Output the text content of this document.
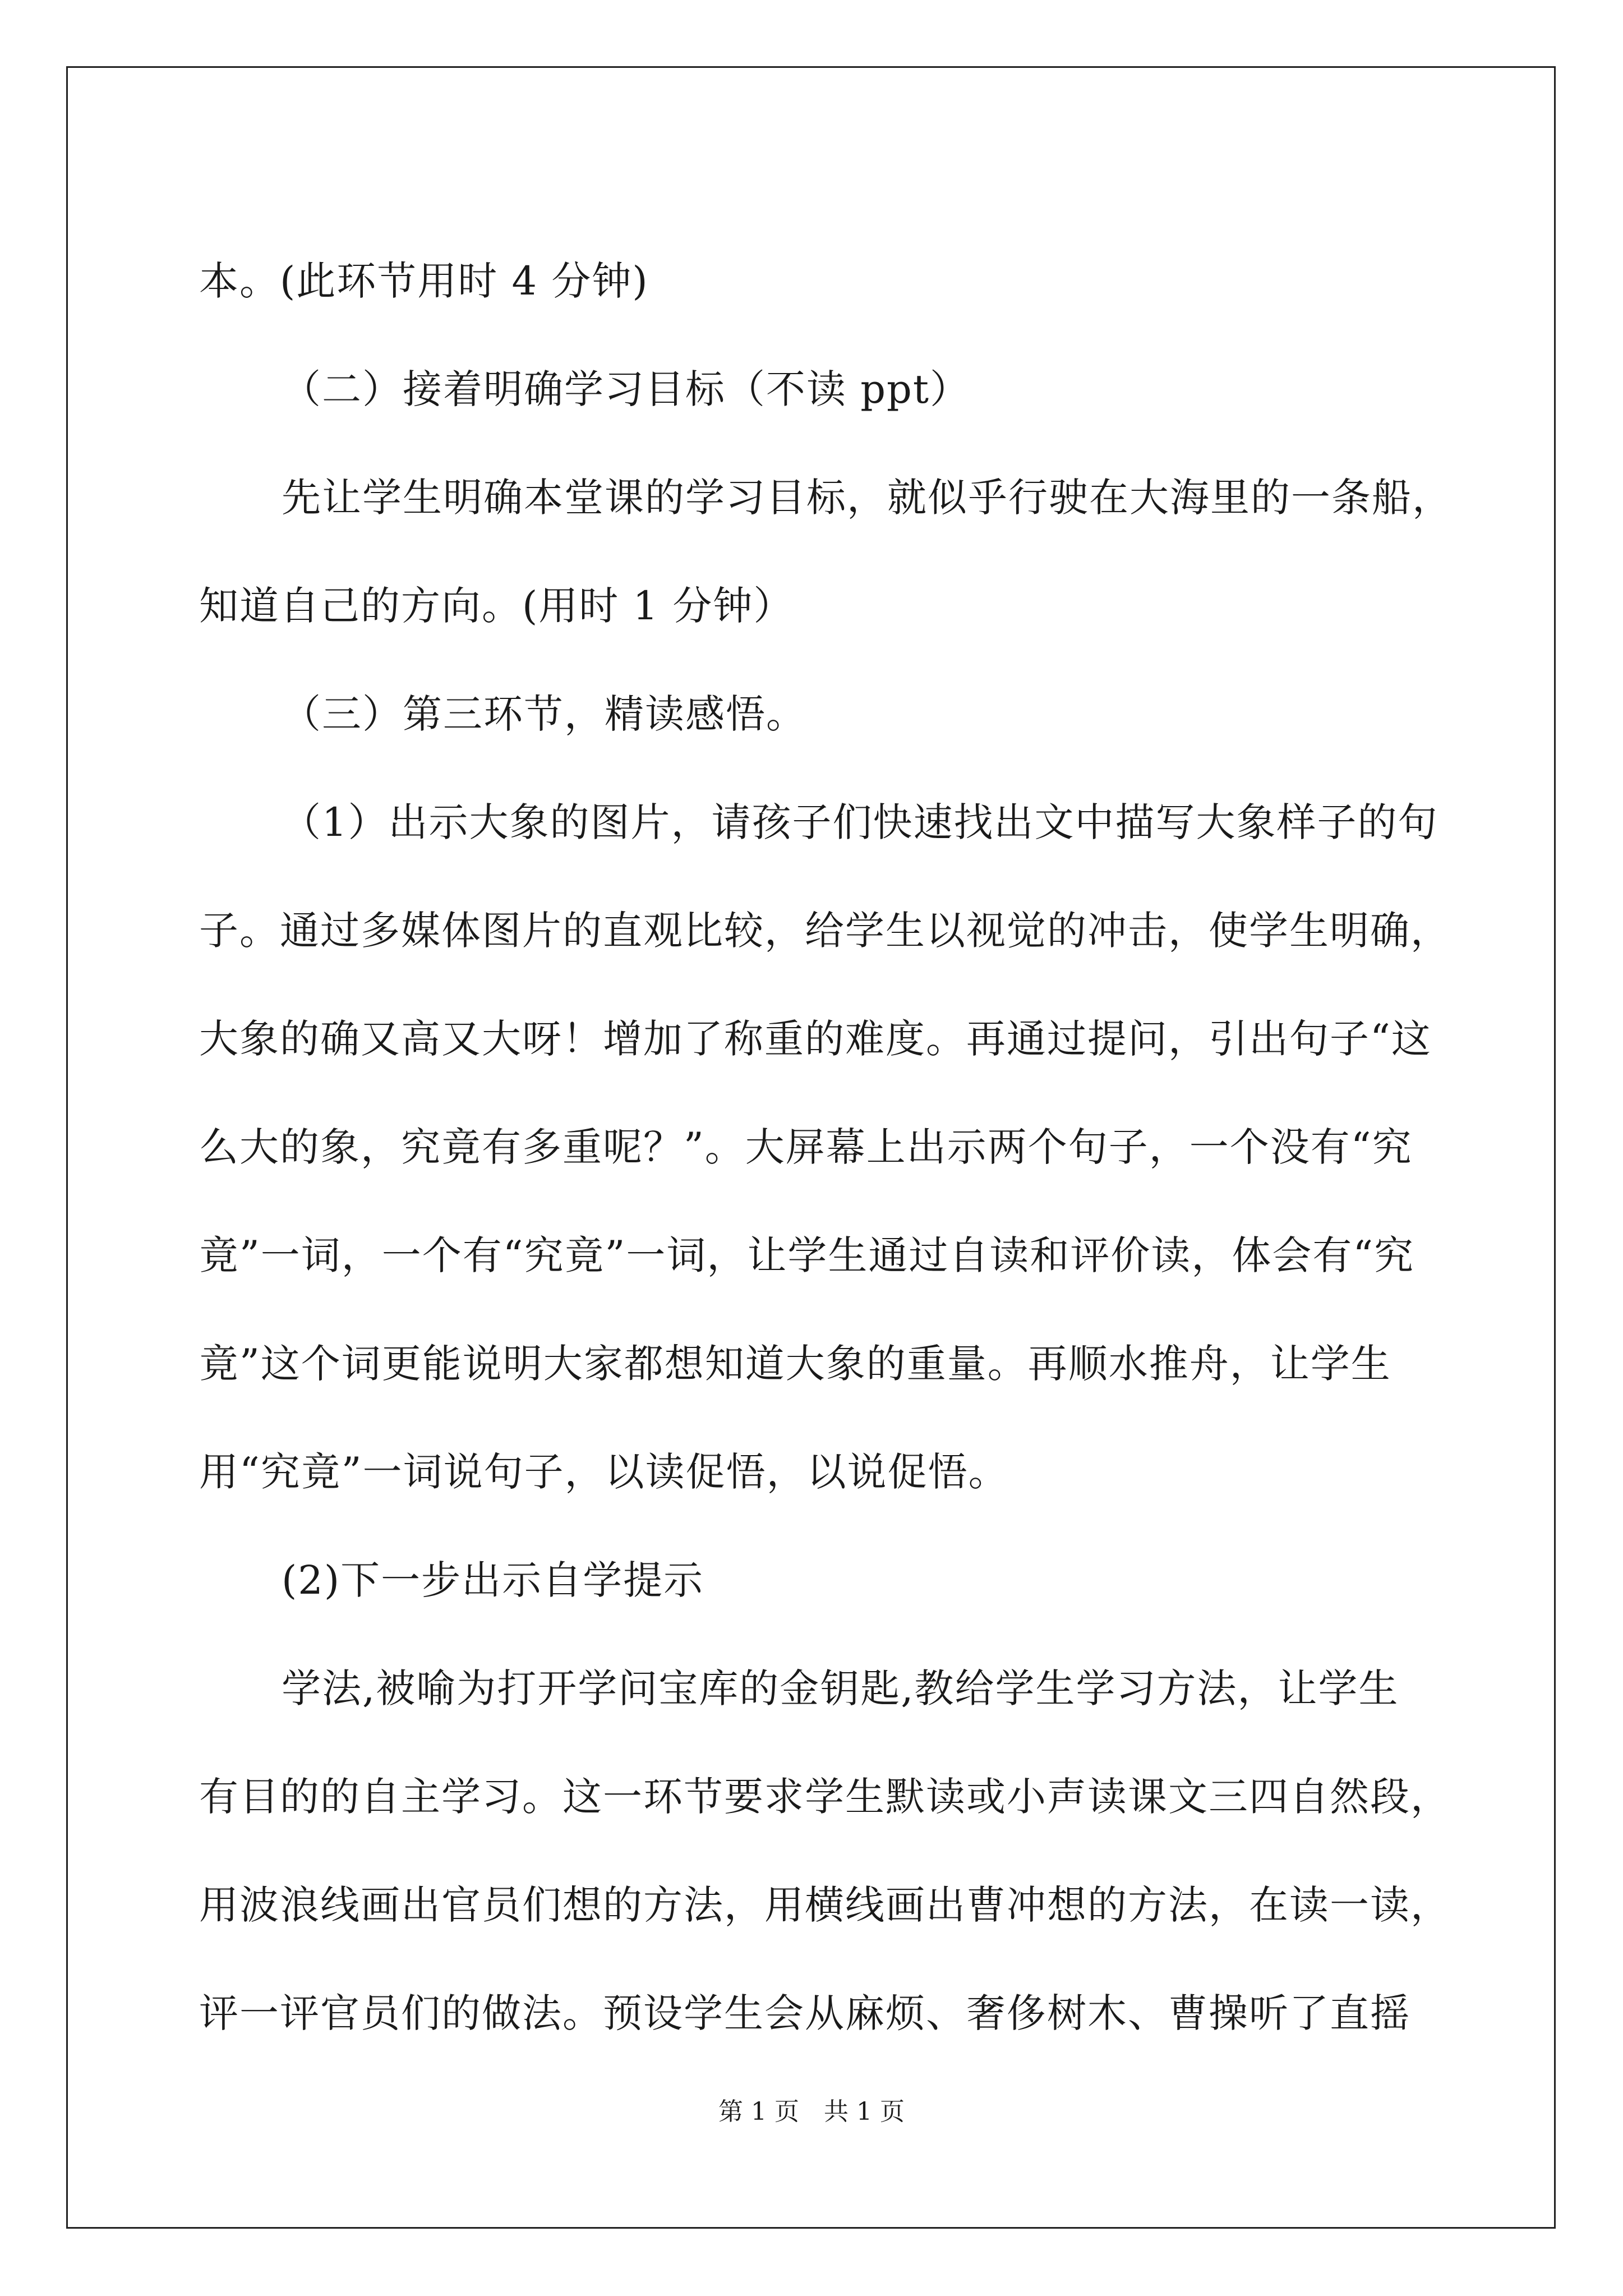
本。(此环节用时 4 分钟)
（二）接着明确学习目标（不读 ppt）
先让学生明确本堂课的学习目标，就似乎行驶在大海里的一条船，
知道自己的方向。(用时 1 分钟）
（三）第三环节，精读感悟。
（1）出示大象的图片，请孩子们快速找出文中描写大象样子的句
子。通过多媒体图片的直观比较，给学生以视觉的冲击，使学生明确，
大象的确又高又大呀！增加了称重的难度。再通过提问，引出句子“这
么大的象，究竟有多重呢？”。大屏幕上出示两个句子，一个没有“究
竟”一词，一个有“究竟”一词，让学生通过自读和评价读，体会有“究
竟”这个词更能说明大家都想知道大象的重量。再顺水推舟，让学生
用“究竟”一词说句子，以读促悟，以说促悟。
(2)下一步出示自学提示
学法,被喻为打开学问宝库的金钥匙,教给学生学习方法，让学生
有目的的自主学习。这一环节要求学生默读或小声读课文三四自然段，
用波浪线画出官员们想的方法，用横线画出曹冲想的方法，在读一读，
评一评官员们的做法。预设学生会从麻烦、奢侈树木、曹操听了直摇
第 1 页　共 1 页
